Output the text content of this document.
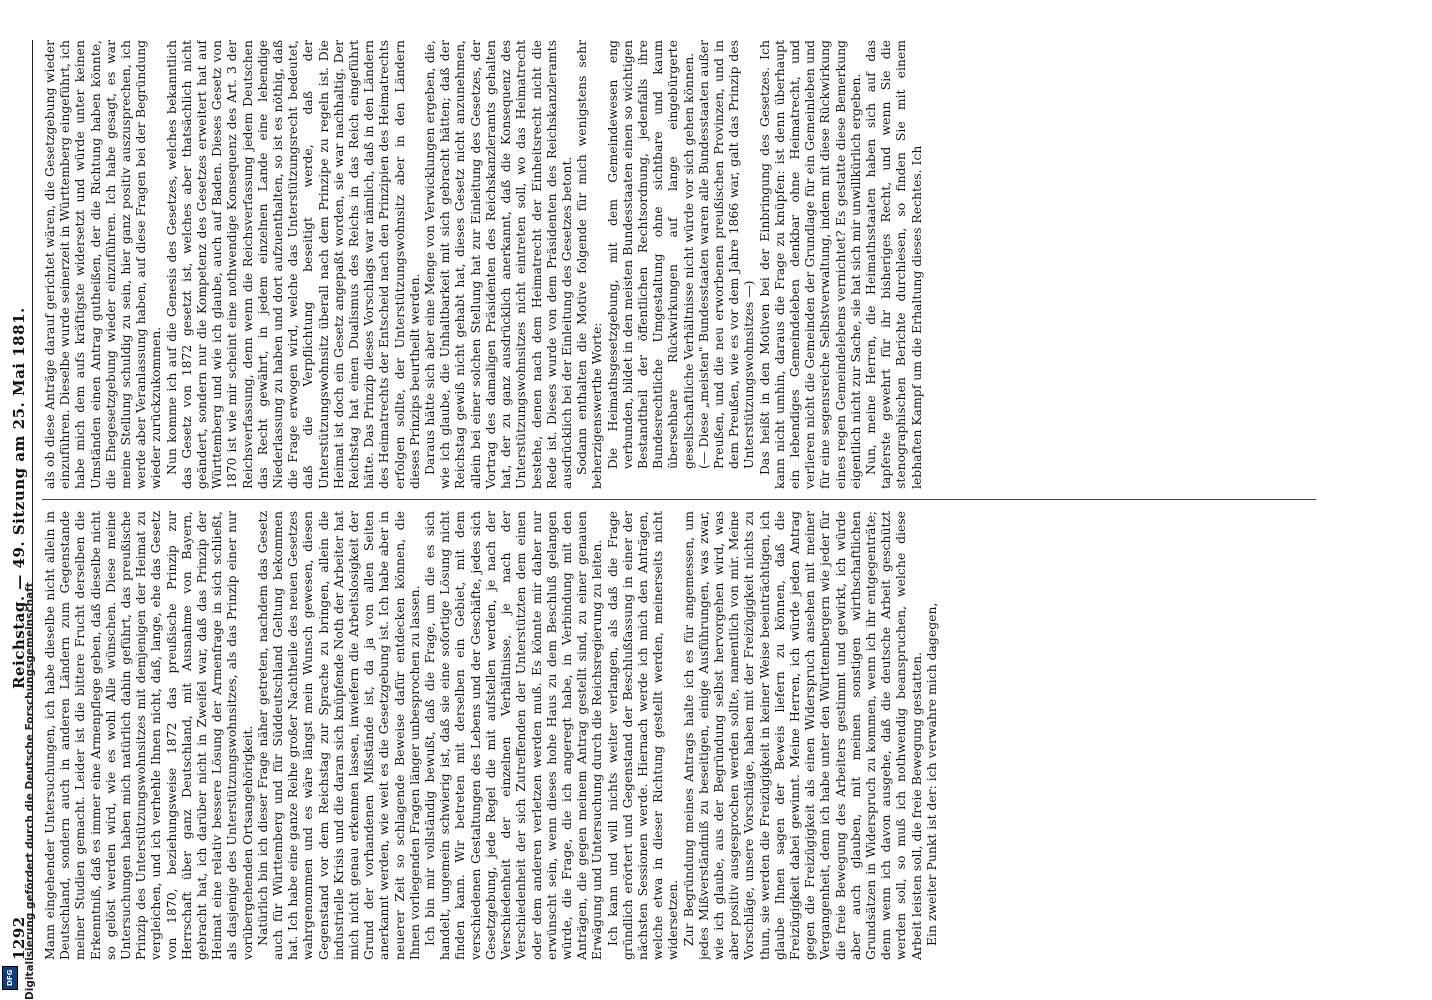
1292
Reichstag. — 49. Sitzung am 25. Mai 1881.

Mann eingehender Untersuchungen, ich habe dieselbe nicht allein in Deutschland, sondern auch in anderen Ländern zum Gegenstande meiner Studien gemacht. Leider ist die bittere Frucht derselben die Erkenntniß, daß es immer eine Armenpflege geben, daß dieselbe nicht so gelöst werden wird, wie es wohl Alle wünschen. Diese meine Untersuchungen haben mich natürlich dahin geführt, das preußische Prinzip des Unterstützungswohnsitzes mit demjenigen der Heimat zu vergleichen, und ich verhehle Ihnen nicht, daß, lange, ehe das Gesetz von 1870, beziehungsweise 1872 das preußische Prinzip zur Herrschaft über ganz Deutschland, mit Ausnahme von Bayern, gebracht hat, ich darüber nicht in Zweifel war, daß das Prinzip der Heimat eine relativ bessere Lösung der Armenfrage in sich schließt, als dasjenige des Unterstützungswohnsitzes, als das Prinzip einer nur vorübergehenden Ortsangehörigkeit. Natürlich bin ich dieser Frage näher getreten, nachdem das Gesetz auch für Württemberg und für Süddeutschland Geltung bekommen hat. Ich habe eine ganze Reihe großer Nachtheile des neuen Gesetzes wahrgenommen und es wäre längst mein Wunsch gewesen, diesen Gegenstand vor dem Reichstag zur Sprache zu bringen, allein die industrielle Krisis und die daran sich knüpfende Noth der Arbeiter hat mich nicht genau erkennen lassen, inwiefern die Arbeitslosigkeit der Grund der vorhandenen Mißstände ist, da ja von allen Seiten anerkannt werden, wie weit es die Gesetzgebung ist. Ich habe aber in neuerer Zeit so schlagende Beweise dafür entdecken können, die Ihnen vorliegenden Fragen länger unbesprochen zu lassen. Ich bin mir vollständig bewußt, daß die Frage, um die es sich handelt, ungemein schwierig ist, daß sie eine sofortige Lösung nicht finden kann. Wir betreten mit derselben ein Gebiet, mit dem verschiedenen Gestaltungen des Lebens und der Geschäfte, jedes sich Gesetzgebung, jede Regel die mit aufstellen werden, je nach der Verschiedenheit der einzelnen Verhältnisse, je nach der Verschiedenheit der sich Zutreffenden der Unterstützten dem einen oder dem anderen verletzen werden muß. Es könnte mir daher nur erwünscht sein, wenn dieses hohe Haus zu dem Beschluß gelangen würde, die Frage, die ich angeregt habe, in Verbindung mit den Anträgen, die gegen meinem Antrag gestellt sind, zu einer genauen Erwägung und Untersuchung durch die Reichsregierung zu leiten. Ich kann und will nichts weiter verlangen, als daß die Frage gründlich erörtert und Gegenstand der Beschlußfassung in einer der nächsten Sessionen werde. Hiernach werde ich mich den Anträgen, welche etwa in dieser Richtung gestellt werden, meinerseits nicht widersetzen. Zur Begründung meines Antrags halte ich es für angemessen, um jedes Mißverständniß zu beseitigen, einige Ausführungen, was zwar, wie ich glaube, aus der Begründung selbst hervorgehen wird, was aber positiv ausgesprochen werden sollte, namentlich von mir. Meine Vorschläge, unsere Vorschläge, haben mit der Freizügigkeit nichts zu thun, sie werden die Freizügigkeit in keiner Weise beeinträchtigen, ich glaube Ihnen sagen der Beweis liefern zu können, daß die Freizügigkeit dabei gewinnt. Meine Herren, ich würde jeden Antrag gegen die Freizügigkeit als einen Widerspruch ansehen mit meiner Vergangenheit, denn ich habe unter den Württembergern wie jeder für die freie Bewegung des Arbeiters gestimmt und gewirkt, ich würde aber auch glauben, mit meinen sonstigen wirthschaftlichen Grundsätzen in Widerspruch zu kommen, wenn ich ihr entgegenträte; denn wenn ich davon ausgehe, daß die deutsche Arbeit geschützt werden soll, so muß ich nothwendig beanspruchen, welche diese Arbeit leisten soll, die freie Bewegung gestatten. Ein zweiter Punkt ist der: ich verwahre mich dagegen,

als ob diese Anträge darauf gerichtet wären, die Gesetzgebung wieder einzuführen. Dieselbe wurde seinerzeit in Württemberg eingeführt, ich habe mich dem aufs kräftigste widersetzt und würde unter keinen Umständen einen Antrag gutheißen, der die Richtung haben könnte, die Ehegesetzgebung wieder einzuführen. Ich habe gesagt, es war meine Stellung schuldig zu sein, hier ganz positiv auszusprechen, ich werde aber Veranlassung haben, auf diese Fragen bei der Begründung wieder zurückzukommen. Nun komme ich auf die Genesis des Gesetzes, welches bekanntlich das Gesetz von 1872 gesetzt ist, welches aber thatsächlich nicht geändert, sondern nur die Kompetenz des Gesetzes erweitert hat auf Württemberg und wie ich glaube, auch auf Baden. Dieses Gesetz von 1870 ist wie mir scheint eine nothwendige Konsequenz des Art. 3 der Reichsverfassung, denn wenn die Reichsverfassung jedem Deutschen das Recht gewährt, in jedem einzelnen Lande eine lebendige Niederlassung zu haben und dort aufzuenthalten, so ist es nöthig, daß die Frage erwogen wird, welche das Unterstützungsrecht bedeutet, daß die Verpflichtung beseitigt werde, daß der Unterstützungswohnsitz überall nach dem Prinzipe zu regeln ist. Die Heimat ist doch ein Gesetz angepaßt worden, sie war nachhaltig. Der Reichstag hat einen Dualismus des Reichs in das Reich eingeführt hätte. Das Prinzip dieses Vorschlags war nämlich, daß in den Ländern des Heimatrechts der Entscheid nach den Prinzipien des Heimatrechts erfolgen sollte, der Unterstützungswohnsitz aber in den Ländern dieses Prinzips beurtheilt werden. Daraus hätte sich aber eine Menge von Verwicklungen ergeben, die, wie ich glaube, die Unhaltbarkeit mit sich gebracht hätten; daß der Reichstag gewiß nicht gehabt hat, dieses Gesetz nicht anzunehmen, allein bei einer solchen Stellung hat zur Einleitung des Gesetzes, der Vortrag des damaligen Präsidenten des Reichskanzleramts gehalten hat, der zu ganz ausdrücklich anerkannt, daß die Konsequenz des Unterstützungswohnsitzes nicht eintreten soll, wo das Heimatrecht bestehe, denen nach dem Heimatrecht der Einheitsrecht nicht die Rede ist. Dieses wurde von dem Präsidenten des Reichskanzleramts ausdrücklich bei der Einleitung des Gesetzes betont. Sodann enthalten die Motive folgende für mich wenigstens sehr beherzigenswerthe Worte: Die Heimathsgesetzgebung, mit dem Gemeindewesen eng verbunden, bildet in den meisten Bundesstaaten einen so wichtigen Bestandtheil der öffentlichen Rechtsordnung, jedenfalls ihre Bundesrechtliche Umgestaltung ohne sichtbare und kaum übersehbare Rückwirkungen auf lange eingebürgerte gesellschaftliche Verhältnisse nicht würde vor sich gehen können. (— Diese „meisten" Bundesstaaten waren alle Bundesstaaten außer Preußen, und die neu erworbenen preußischen Provinzen, und in dem Preußen, wie es vor dem Jahre 1866 war, galt das Prinzip des Unterstützungswohnsitzes —) Das heißt in den Motiven bei der Einbringung des Gesetzes. Ich kann nicht umhin, daraus die Frage zu knüpfen: ist denn überhaupt ein lebendiges Gemeindeleben denkbar ohne Heimatrecht, und verlieren nicht die Gemeinden der Grundlage für ein Gemeinleben und für eine segensreiche Selbstverwaltung, indem mit diese Rückwirkung eines regen Gemeindelebens vernichtet? Es gestatte diese Bemerkung eigentlich nicht zur Sache, sie hat sich mir unwillkürlich ergeben. Nun, meine Herren, die Heimathsstaaten haben sich auf das tapferste gewehrt für ihr bisheriges Recht, und wenn Sie die stenographischen Berichte durchlesen, so finden Sie mit einem lebhaften Kampf um die Erhaltung dieses Rechtes. Ich

Digitalisierung gefördert durch die Deutsche Forschungsgemeinschaft
DFG
